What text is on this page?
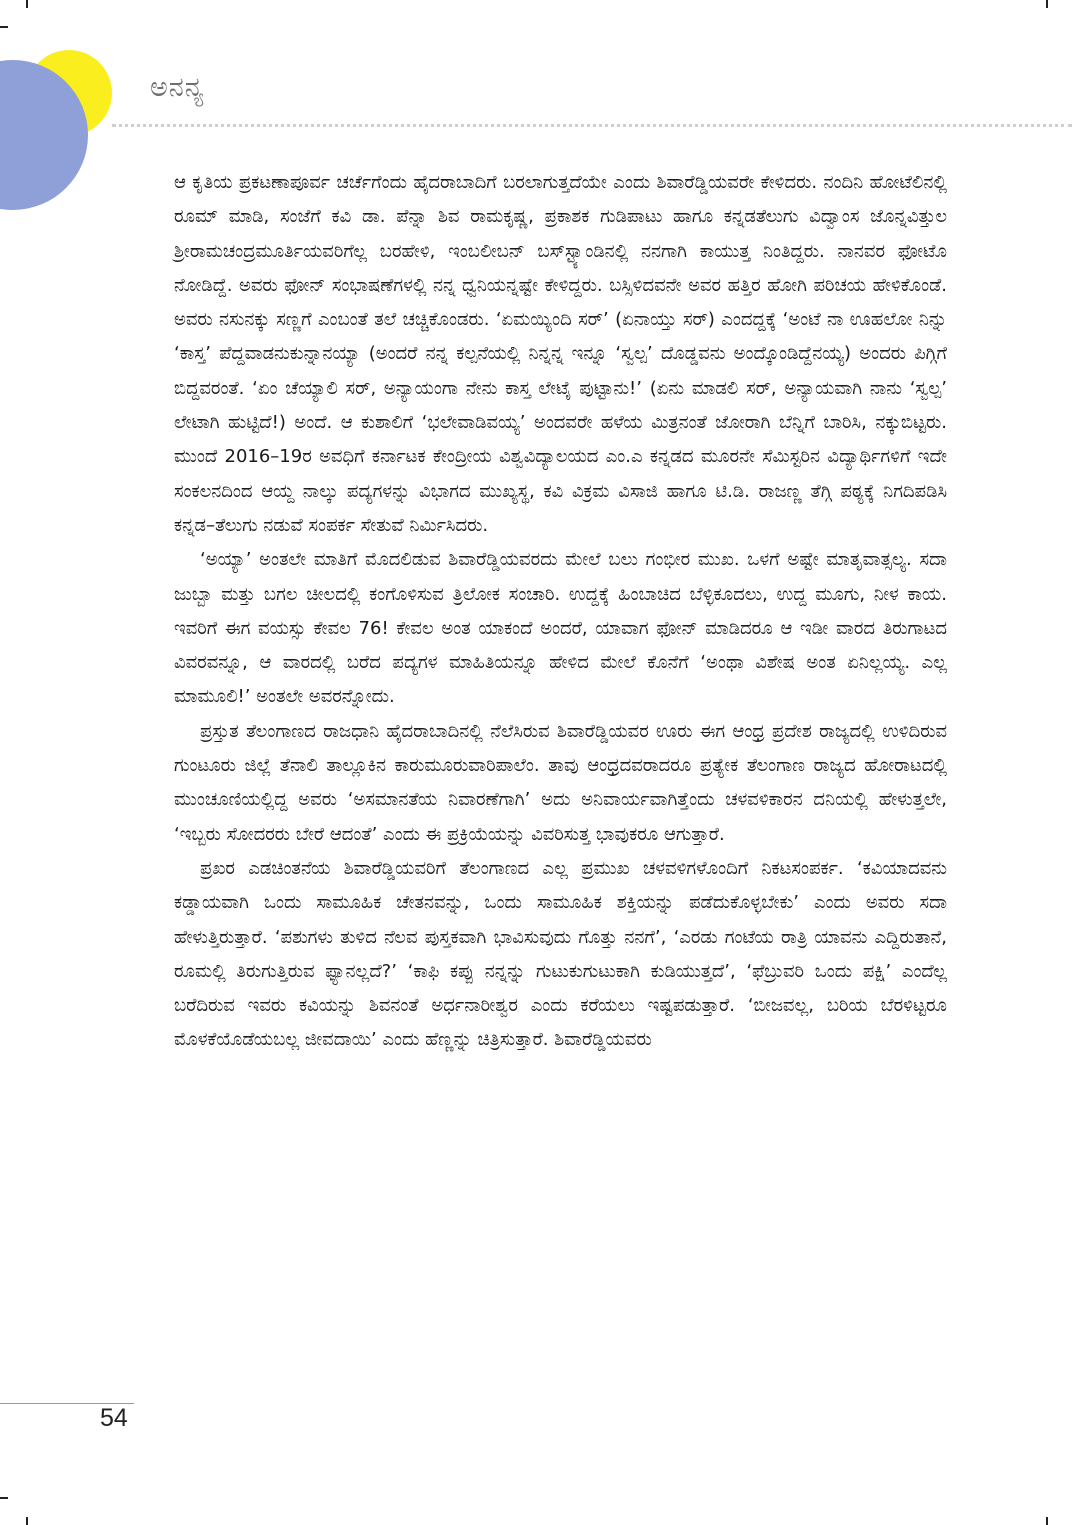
ಅನನ್ಯ

ಆ ಕೃತಿಯ ಪ್ರಕಟಣಾಪೂರ್ವ ಚರ್ಚೆಗೆಂದು ಹೈದರಾಬಾದಿಗೆ ಬರಲಾಗುತ್ತದೆಯೇ ಎಂದು ಶಿವಾರೆಡ್ಡಿಯವರೇ ಕೇಳಿದರು. ನಂದಿನಿ ಹೋಟೆಲಿನಲ್ಲಿ ರೂಮ್ ಮಾಡಿ, ಸಂಜೆಗೆ ಕವಿ ಡಾ. ಪೆನ್ನಾ ಶಿವ ರಾಮಕೃಷ್ಣ, ಪ್ರಕಾಶಕ ಗುಡಿಪಾಟು ಹಾಗೂ ಕನ್ನಡತೆಲುಗು ವಿದ್ವಾಂಸ ಜೊನ್ನವಿತ್ತುಲ ಶ್ರೀರಾಮಚಂದ್ರಮೂರ್ತಿಯವರಿಗೆಲ್ಲ ಬರಹೇಳಿ, ಇಂಬಲೀಬನ್ ಬಸ್‌ಸ್ಟ್ಯಾಂಡಿನಲ್ಲಿ ನನಗಾಗಿ ಕಾಯುತ್ತ ನಿಂತಿದ್ದರು. ನಾನವರ ಫೋಟೊ ನೋಡಿದ್ದೆ. ಅವರು ಫೋನ್ ಸಂಭಾಷಣೆಗಳಲ್ಲಿ ನನ್ನ ಧ್ವನಿಯನ್ನಷ್ಟೇ ಕೇಳಿದ್ದರು. ಬಸ್ಸಿಳಿದವನೇ ಅವರ ಹತ್ತಿರ ಹೋಗಿ ಪರಿಚಯ ಹೇಳಿಕೊಂಡೆ. ಅವರು ನಸುನಕ್ಕು ಸಣ್ಣಗೆ ಎಂಬಂತೆ ತಲೆ ಚಚ್ಚಿಕೊಂಡರು. ‘ಏಮಯ್ಯಿಂದಿ ಸರ್’ (ಏನಾಯ್ತು ಸರ್) ಎಂದದ್ದಕ್ಕೆ ‘ಅಂಟೆ ನಾ ಊಹಲೋ ನಿನ್ನು ‘ಕಾಸ್ತ’ ಪೆದ್ದವಾಡನುಕುನ್ನಾನಯ್ಯಾ (ಅಂದರೆ ನನ್ನ ಕಲ್ಪನೆಯಲ್ಲಿ ನಿನ್ನನ್ನ ಇನ್ನೂ ‘ಸ್ವಲ್ಪ’ ದೊಡ್ಡವನು ಅಂದ್ಕೊಂಡಿದ್ದೆನಯ್ಯ) ಅಂದರು ಪಿಗ್ಗಿಗೆ ಬಿದ್ದವರಂತೆ. ‘ಏಂ ಚೆಯ್ಯಾಲಿ ಸರ್, ಅನ್ಯಾಯಂಗಾ ನೇನು ಕಾಸ್ತ ಲೇಟೈ ಪುಟ್ಟಾನು!’ (ಏನು ಮಾಡಲಿ ಸರ್, ಅನ್ಯಾಯವಾಗಿ ನಾನು ‘ಸ್ವಲ್ಪ’ ಲೇಟಾಗಿ ಹುಟ್ಟಿದೆ!) ಅಂದೆ. ಆ ಕುಶಾಲಿಗೆ ‘ಭಲೇವಾಡಿವಯ್ಯ’ ಅಂದವರೇ ಹಳೆಯ ಮಿತ್ರನಂತೆ ಜೋರಾಗಿ ಬೆನ್ನಿಗೆ ಬಾರಿಸಿ, ನಕ್ಕುಬಿಟ್ಟರು. ಮುಂದೆ 2016–19ರ ಅವಧಿಗೆ ಕರ್ನಾಟಕ ಕೇಂದ್ರೀಯ ವಿಶ್ವವಿದ್ಯಾಲಯದ ಎಂ.ಎ ಕನ್ನಡದ ಮೂರನೇ ಸೆಮಿಸ್ಟರಿನ ವಿದ್ಯಾರ್ಥಿಗಳಿಗೆ ಇದೇ ಸಂಕಲನದಿಂದ ಆಯ್ದ ನಾಲ್ಕು ಪದ್ಯಗಳನ್ನು ವಿಭಾಗದ ಮುಖ್ಯಸ್ಥ, ಕವಿ ವಿಕ್ರಮ ವಿಸಾಜಿ ಹಾಗೂ ಟಿ.ಡಿ. ರಾಜಣ್ಣ ತೆಗ್ಗಿ ಪಠ್ಯಕ್ಕೆ ನಿಗದಿಪಡಿಸಿ ಕನ್ನಡ–ತೆಲುಗು ನಡುವೆ ಸಂಪರ್ಕ ಸೇತುವೆ ನಿರ್ಮಿಸಿದರು.

‘ಅಯ್ಯಾ’ ಅಂತಲೇ ಮಾತಿಗೆ ಮೊದಲಿಡುವ ಶಿವಾರೆಡ್ಡಿಯವರದು ಮೇಲೆ ಬಲು ಗಂಭೀರ ಮುಖ. ಒಳಗೆ ಅಷ್ಟೇ ಮಾತೃವಾತ್ಸಲ್ಯ. ಸದಾ ಜುಬ್ಬಾ ಮತ್ತು ಬಗಲ ಚೀಲದಲ್ಲಿ ಕಂಗೊಳಿಸುವ ತ್ರಿಲೋಕ ಸಂಚಾರಿ. ಉದ್ದಕ್ಕೆ ಹಿಂಬಾಚಿದ ಬೆಳ್ಳಿಕೂದಲು, ಉದ್ದ ಮೂಗು, ನೀಳ ಕಾಯ. ಇವರಿಗೆ ಈಗ ವಯಸ್ಸು ಕೇವಲ 76! ಕೇವಲ ಅಂತ ಯಾಕಂದೆ ಅಂದರೆ, ಯಾವಾಗ ಫೋನ್ ಮಾಡಿದರೂ ಆ ಇಡೀ ವಾರದ ತಿರುಗಾಟದ ವಿವರವನ್ನೂ, ಆ ವಾರದಲ್ಲಿ ಬರೆದ ಪದ್ಯಗಳ ಮಾಹಿತಿಯನ್ನೂ ಹೇಳಿದ ಮೇಲೆ ಕೊನೆಗೆ ‘ಅಂಥಾ ವಿಶೇಷ ಅಂತ ಏನಿಲ್ಲಯ್ಯ. ಎಲ್ಲ ಮಾಮೂಲಿ!’ ಅಂತಲೇ ಅವರನ್ನೋದು.

ಪ್ರಸ್ತುತ ತೆಲಂಗಾಣದ ರಾಜಧಾನಿ ಹೈದರಾಬಾದಿನಲ್ಲಿ ನೆಲೆಸಿರುವ ಶಿವಾರೆಡ್ಡಿಯವರ ಊರು ಈಗ ಆಂಧ್ರ ಪ್ರದೇಶ ರಾಜ್ಯದಲ್ಲಿ ಉಳಿದಿರುವ ಗುಂಟೂರು ಜಿಲ್ಲೆ ತೆನಾಲಿ ತಾಲ್ಲೂಕಿನ ಕಾರುಮೂರುವಾರಿಪಾಲೆಂ. ತಾವು ಆಂಧ್ರದವರಾದರೂ ಪ್ರತ್ಯೇಕ ತೆಲಂಗಾಣ ರಾಜ್ಯದ ಹೋರಾಟದಲ್ಲಿ ಮುಂಚೂಣಿಯಲ್ಲಿದ್ದ ಅವರು ‘ಅಸಮಾನತೆಯ ನಿವಾರಣೆಗಾಗಿ’ ಅದು ಅನಿವಾರ್ಯವಾಗಿತ್ತೆಂದು ಚಳವಳಿಕಾರನ ದನಿಯಲ್ಲಿ ಹೇಳುತ್ತಲೇ, ‘ಇಬ್ಬರು ಸೋದರರು ಬೇರೆ ಆದಂತೆ’ ಎಂದು ಈ ಪ್ರಕ್ರಿಯೆಯನ್ನು ವಿವರಿಸುತ್ತ ಭಾವುಕರೂ ಆಗುತ್ತಾರೆ.

ಪ್ರಖರ ಎಡಚಿಂತನೆಯ ಶಿವಾರೆಡ್ಡಿಯವರಿಗೆ ತೆಲಂಗಾಣದ ಎಲ್ಲ ಪ್ರಮುಖ ಚಳವಳಿಗಳೊಂದಿಗೆ ನಿಕಟಸಂಪರ್ಕ. ‘ಕವಿಯಾದವನು ಕಡ್ಡಾಯವಾಗಿ ಒಂದು ಸಾಮೂಹಿಕ ಚೇತನವನ್ನು, ಒಂದು ಸಾಮೂಹಿಕ ಶಕ್ತಿಯನ್ನು ಪಡೆದುಕೊಳ್ಳಬೇಕು’ ಎಂದು ಅವರು ಸದಾ ಹೇಳುತ್ತಿರುತ್ತಾರೆ. ‘ಪಶುಗಳು ತುಳಿದ ನೆಲವ ಪುಸ್ತಕವಾಗಿ ಭಾವಿಸುವುದು ಗೊತ್ತು ನನಗೆ’, ‘ಎರಡು ಗಂಟೆಯ ರಾತ್ರಿ ಯಾವನು ಎದ್ದಿರುತಾನೆ, ರೂಮಲ್ಲಿ ತಿರುಗುತ್ತಿರುವ ಫ್ಯಾನಲ್ಲದೆ?’ ‘ಕಾಫಿ ಕಪ್ಪು ನನ್ನನ್ನು ಗುಟುಕುಗುಟುಕಾಗಿ ಕುಡಿಯುತ್ತದೆ’, ‘ಫೆಬ್ರುವರಿ ಒಂದು ಪಕ್ಷಿ’ ಎಂದೆಲ್ಲ ಬರೆದಿರುವ ಇವರು ಕವಿಯನ್ನು ಶಿವನಂತೆ ಅರ್ಧನಾರೀಶ್ವರ ಎಂದು ಕರೆಯಲು ಇಷ್ಟಪಡುತ್ತಾರೆ. ‘ಬೀಜವಲ್ಲ, ಬರಿಯ ಬೆರಳಿಟ್ಟರೂ ಮೊಳಕೆಯೊಡೆಯಬಲ್ಲ ಜೀವದಾಯಿ’ ಎಂದು ಹೆಣ್ಣನ್ನು ಚಿತ್ರಿಸುತ್ತಾರೆ. ಶಿವಾರೆಡ್ಡಿಯವರು

54
